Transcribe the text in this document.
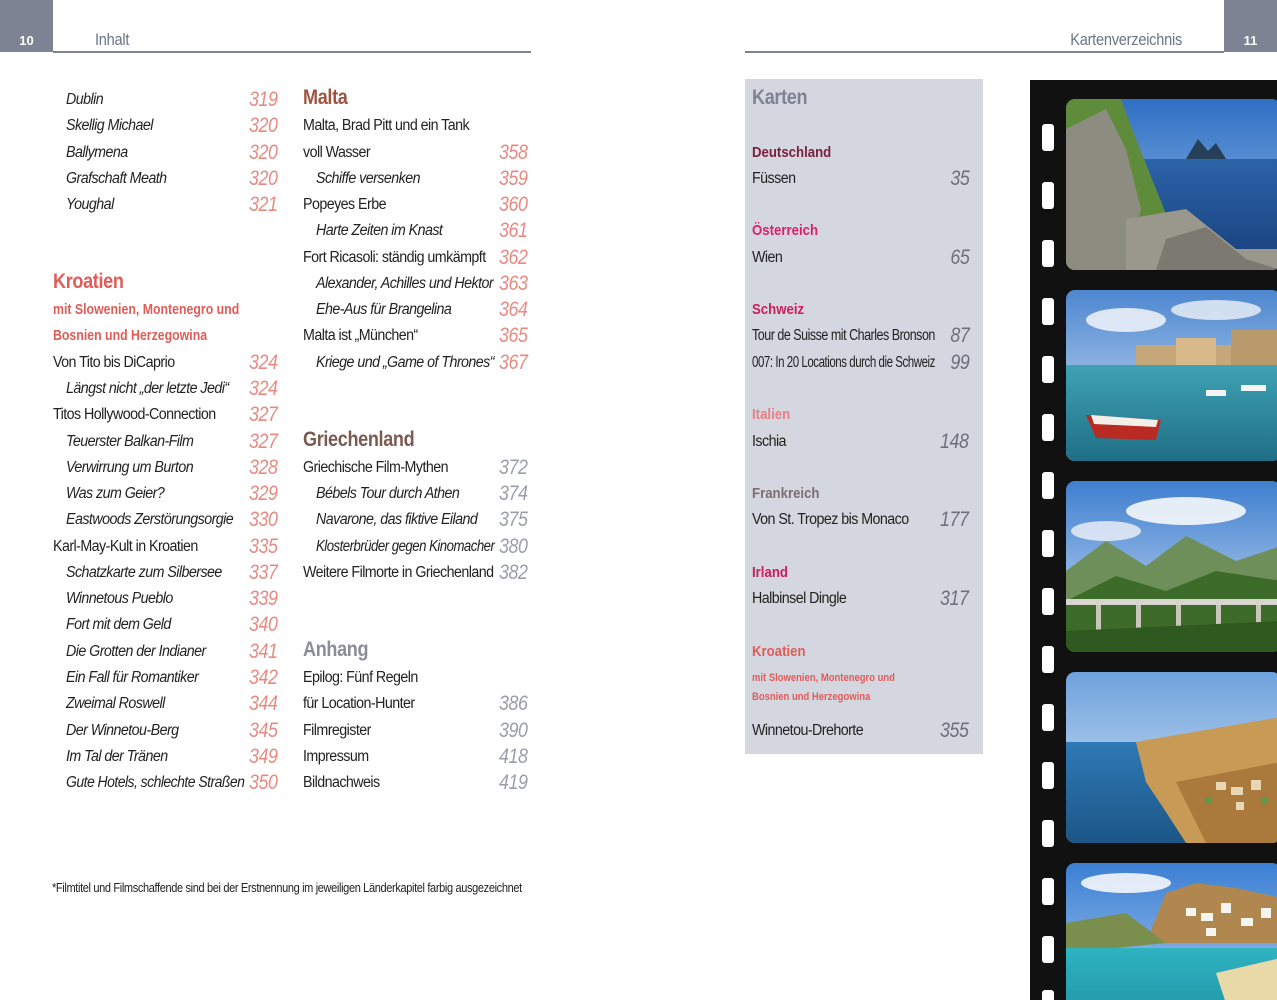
10	Inhalt	11
Kartenverzeichnis
Dublin	319
Skellig Michael	320
Ballymena	320
Grafschaft Meath	320
Youghal	321
Kroatien
mit Slowenien, Montenegro und
Bosnien und Herzegowina
Von Tito bis DiCaprio	324
Längst nicht „der letzte Jedi“ 324
Titos Hollywood-Connection 327
Teuerster Balkan-Film	327
Verwirrung um Burton	328
Was zum Geier?	329
Eastwoods Zerstörungsorgie 330
Karl-May-Kult in Kroatien 335
Schatzkarte zum Silbersee 337
Winnetous Pueblo	339
Fort mit dem Geld	340
Die Grotten der Indianer 341
Ein Fall für Romantiker 342
Zweimal Roswell	344
Der Winnetou-Berg	345
Im Tal der Tränen	349
Gute Hotels, schlechte Straßen 350
Malta
Malta, Brad Pitt und ein Tank
voll Wasser	358
Schiffe versenken	359
Popeyes Erbe	360
Harte Zeiten im Knast	361
Fort Ricasoli: ständig umkämpft 362
Alexander, Achilles und Hektor 363
Ehe-Aus für Brangelina 364
Malta ist „München“	365
Kriege und „Game of Thrones“ 367
Griechenland
Griechische Film-Mythen 372
Bébels Tour durch Athen 374
Navarone, das fiktive Eiland 375
Klosterbrüder gegen Kinomacher 380
Weitere Filmorte in Griechenland 382
Anhang
Epilog: Fünf Regeln
für Location-Hunter	386
Filmregister	390
Impressum	418
Bildnachweis	419
*Filmtitel und Filmschaffende sind bei der Erstnennung im jeweiligen Länderkapitel farbig ausgezeichnet
Karten
Deutschland
Füssen	35
Österreich
Wien	65
Schweiz
Tour de Suisse mit Charles Bronson 87
007: In 20 Locations durch die Schweiz 99
Italien
Ischia	148
Frankreich
Von St. Tropez bis Monaco 177
Irland
Halbinsel Dingle	317
Kroatien
mit Slowenien, Montenegro und
Bosnien und Herzegowina
Winnetou-Drehorte	355
